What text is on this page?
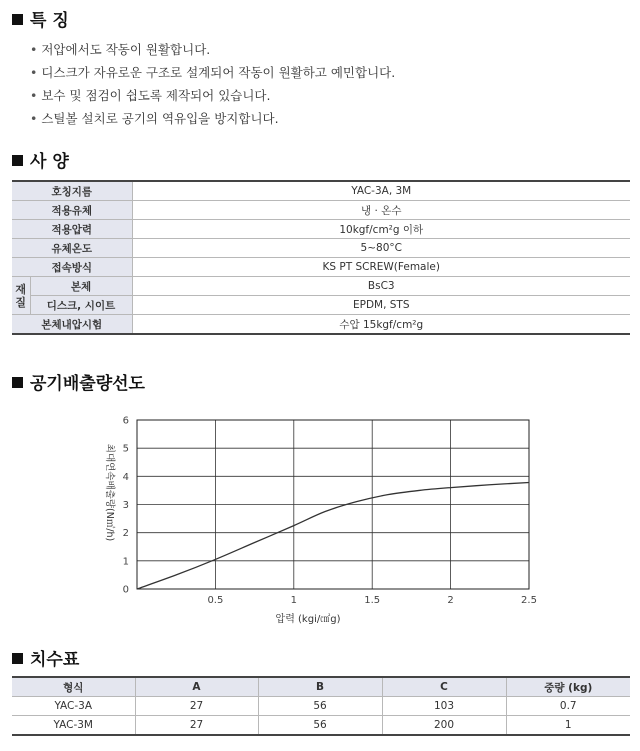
특 징
• 저압에서도 작동이 원활합니다.
• 디스크가 자유로운 구조로 설계되어 작동이 원활하고 예민합니다.
• 보수 및 점검이 쉽도록 제작되어 있습니다.
• 스틸볼 설치로 공기의 역유입을 방지합니다.
사 양
호칭지름		YAC-3A, 3M
적용유체		냉 · 온수
적용압력		10kgf/cm²g 이하
유체온도		5~80°C
접속방식		KS PT SCREW(Female)
재질	본체	BsC3
	디스크, 시이트	EPDM, STS
본체내압시험		수압 15kgf/cm²g
공기배출량선도
0
1
2
3
4
5
6
0.5	1	1.5	2	2.5
압력 (kgi/㎠g)
최대연속배출량(N㎥/h)
치수표
형식	A	B	C	중량 (kg)
YAC-3A	27	56	103	0.7
YAC-3M	27	56	200	1
